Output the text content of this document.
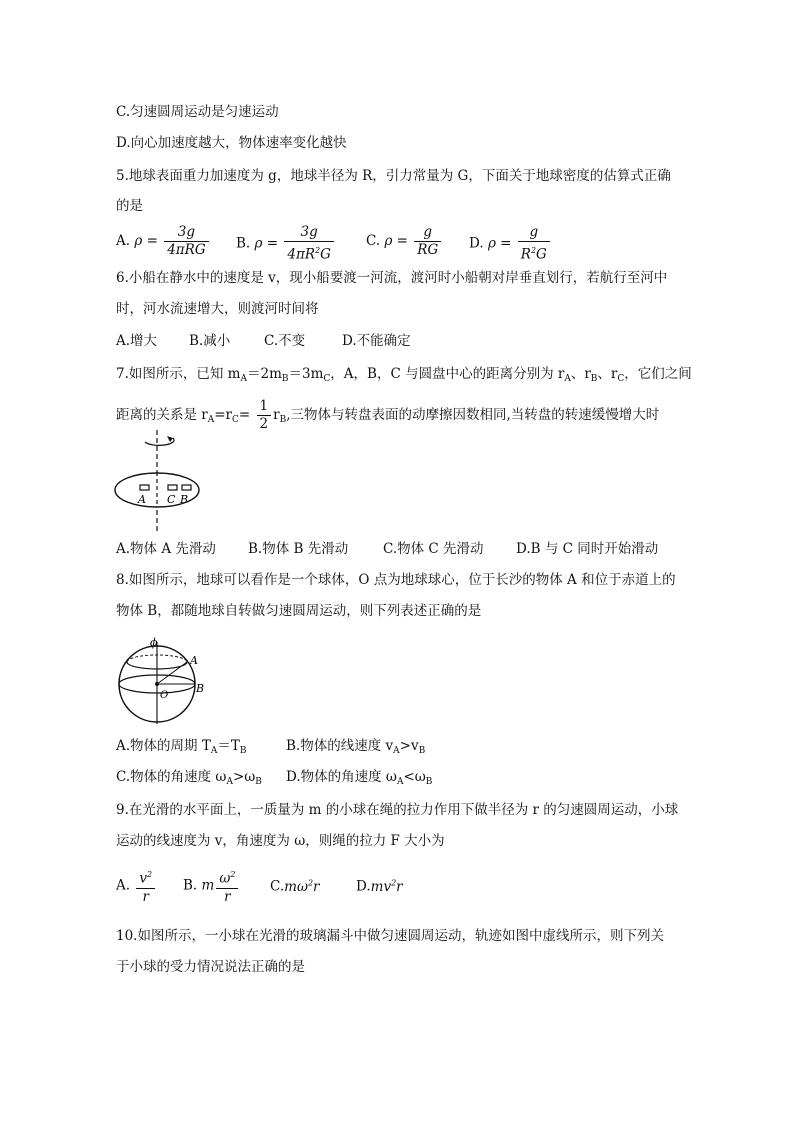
C.匀速圆周运动是匀速运动
D.向心加速度越大，物体速率变化越快
5.地球表面重力加速度为 g，地球半径为 R，引力常量为 G，下面关于地球密度的估算式正确
的是
A. $\rho = \frac{3g}{\text{4πRG}} B$. $\rho = \frac{3g}{4\pi R^2G} C$. $\rho = \frac{g}{RG} D$. $\rho = \frac{g}{R^2G}$
6.小船在静水中的速度是 v，现小船要渡一河流，渡河时小船朝对岸垂直划行，若航行至河中
时，河水流速增大，则渡河时间将
A.增大 B.减小	C.不变	D.不能确定
7.如图所示，已知 $m_A=2m_B=3m_C$，A，B，C 与圆盘中心的距离分别为 $r_A$、$r_B$、$r_C$，它们之间
距离的关系是 $r_A=r_C= \frac{1}{2} r_B$,三物体与转盘表面的动摩擦因数相同,当转盘的转速缓慢增大时
A C B
A.物体 A 先滑动 B.物体 B 先滑动	C.物体 C 先滑动 D.B 与 C 同时开始滑动
8.如图所示，地球可以看作是一个球体，O 点为地球球心，位于长沙的物体 A 和位于赤道上的
物体 B，都随地球自转做匀速圆周运动，则下列表述正确的是
ϕ
A
B
O
A.物体的周期 $T_A=T_B$	B.物体的线速度 $v_A>v_B$
C.物体的角速度 $\omega_A>\omega_B$ D.物体的角速度 $\omega_A<\omega_B$
9.在光滑的水平面上，一质量为 m 的小球在绳的拉力作用下做半径为 r 的匀速圆周运动，小球
运动的线速度为 v，角速度为 ω，则绳的拉力 F 大小为
A. $\frac{v^2}{r} B$. m $\frac{\omega^2}{r} C.m\omega^2r$	$D.mv^2r$
10.如图所示，一小球在光滑的玻璃漏斗中做匀速圆周运动，轨迹如图中虚线所示，则下列关
于小球的受力情况说法正确的是
